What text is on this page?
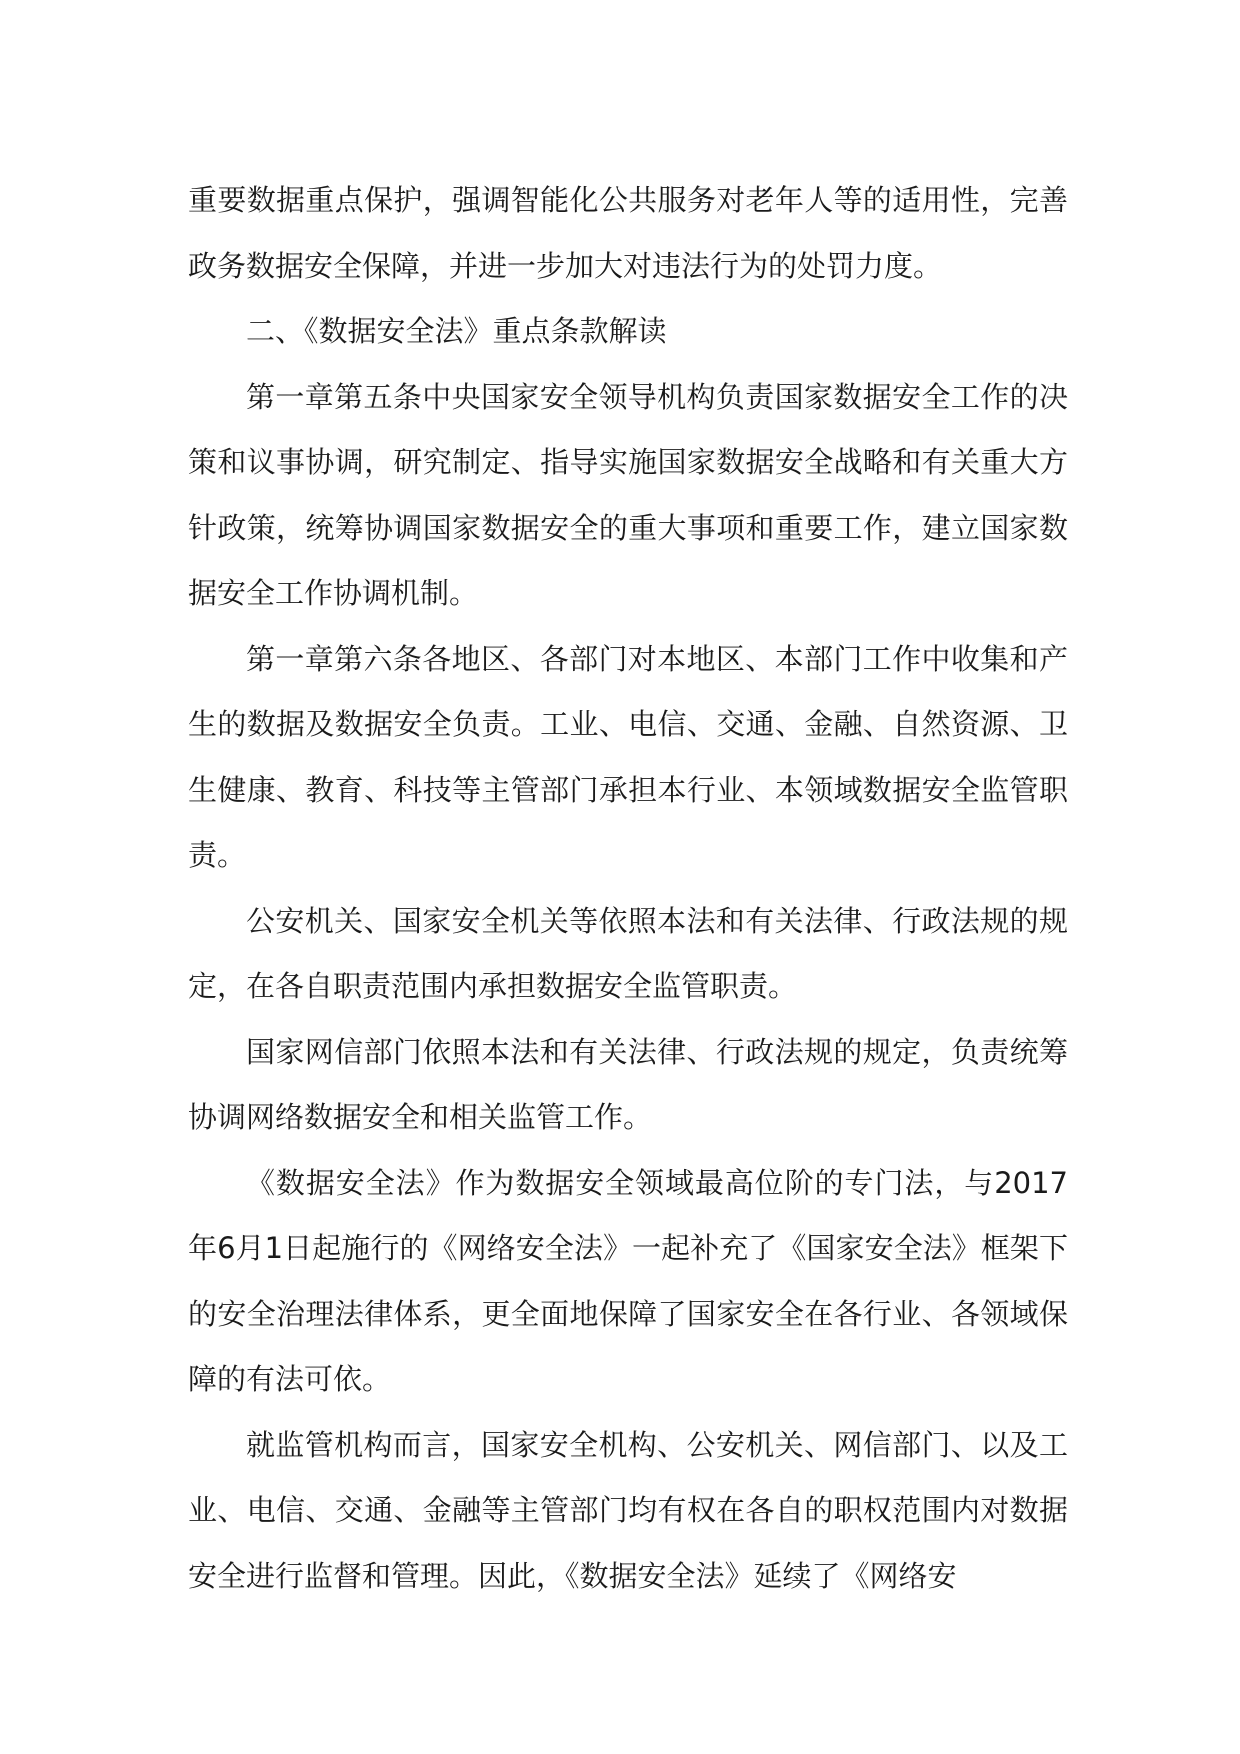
重要数据重点保护，强调智能化公共服务对老年人等的适用性，完善政务数据安全保障，并进一步加大对违法行为的处罚力度。

二、《数据安全法》重点条款解读

第一章第五条中央国家安全领导机构负责国家数据安全工作的决策和议事协调，研究制定、指导实施国家数据安全战略和有关重大方针政策，统筹协调国家数据安全的重大事项和重要工作，建立国家数据安全工作协调机制。

第一章第六条各地区、各部门对本地区、本部门工作中收集和产生的数据及数据安全负责。工业、电信、交通、金融、自然资源、卫生健康、教育、科技等主管部门承担本行业、本领域数据安全监管职责。

公安机关、国家安全机关等依照本法和有关法律、行政法规的规定，在各自职责范围内承担数据安全监管职责。

国家网信部门依照本法和有关法律、行政法规的规定，负责统筹协调网络数据安全和相关监管工作。

《数据安全法》作为数据安全领域最高位阶的专门法，与2017年6月1日起施行的《网络安全法》一起补充了《国家安全法》框架下的安全治理法律体系，更全面地保障了国家安全在各行业、各领域保障的有法可依。

就监管机构而言，国家安全机构、公安机关、网信部门、以及工业、电信、交通、金融等主管部门均有权在各自的职权范围内对数据安全进行监督和管理。因此，《数据安全法》延续了《网络安
